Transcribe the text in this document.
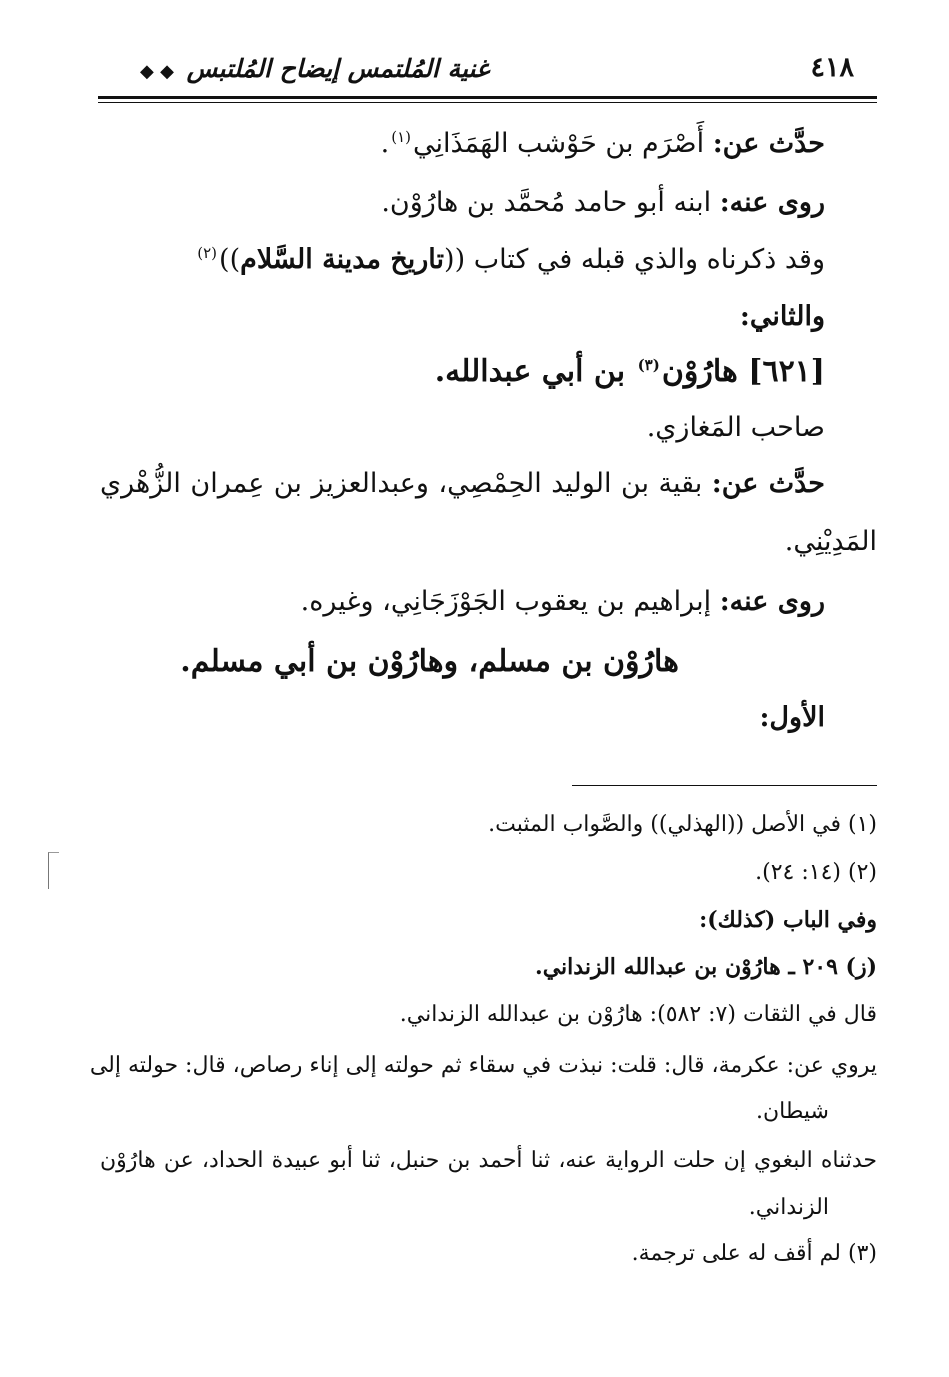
٤١٨
غنية المُلتمس إيضاح المُلتبس ◆ ◆
حدَّث عن: أَصْرَم بن حَوْشب الهَمَذَانِي$^{(١)}$.
روى عنه: ابنه أبو حامد مُحمَّد بن هارُوْن.
وقد ذكرناه والذي قبله في كتاب ((تاريخ مدينة السَّلام))$^{(٢)}$
والثاني:
[٦٢١] هارُوْن$^{(٣)}$ بن أبي عبدالله.
صاحب المَغازي.
حدَّث عن: بقية بن الوليد الحِمْصِي، وعبدالعزيز بن عِمران الزُّهْري
المَدِيْنِي.
روى عنه: إبراهيم بن يعقوب الجَوْزَجَانِي، وغيره.
هارُوْن بن مسلم، وهارُوْن بن أبي مسلم.
الأول:
(١) في الأصل ((الهذلي)) والصَّواب المثبت.
(٢) (١٤: ٢٤).
وفي الباب (كذلك):
(ز) ٢٠٩ ـ هارُوْن بن عبدالله الزنداني.
قال في الثقات (٧: ٥٨٢): هارُوْن بن عبدالله الزنداني.
يروي عن: عكرمة، قال: قلت: نبذت في سقاء ثم حولته إلى إناء رصاص، قال: حولته إلى
شيطان.
حدثناه البغوي إن حلت الرواية عنه، ثنا أحمد بن حنبل، ثنا أبو عبيدة الحداد، عن هارُوْن
الزنداني.
(٣) لم أقف له على ترجمة.
